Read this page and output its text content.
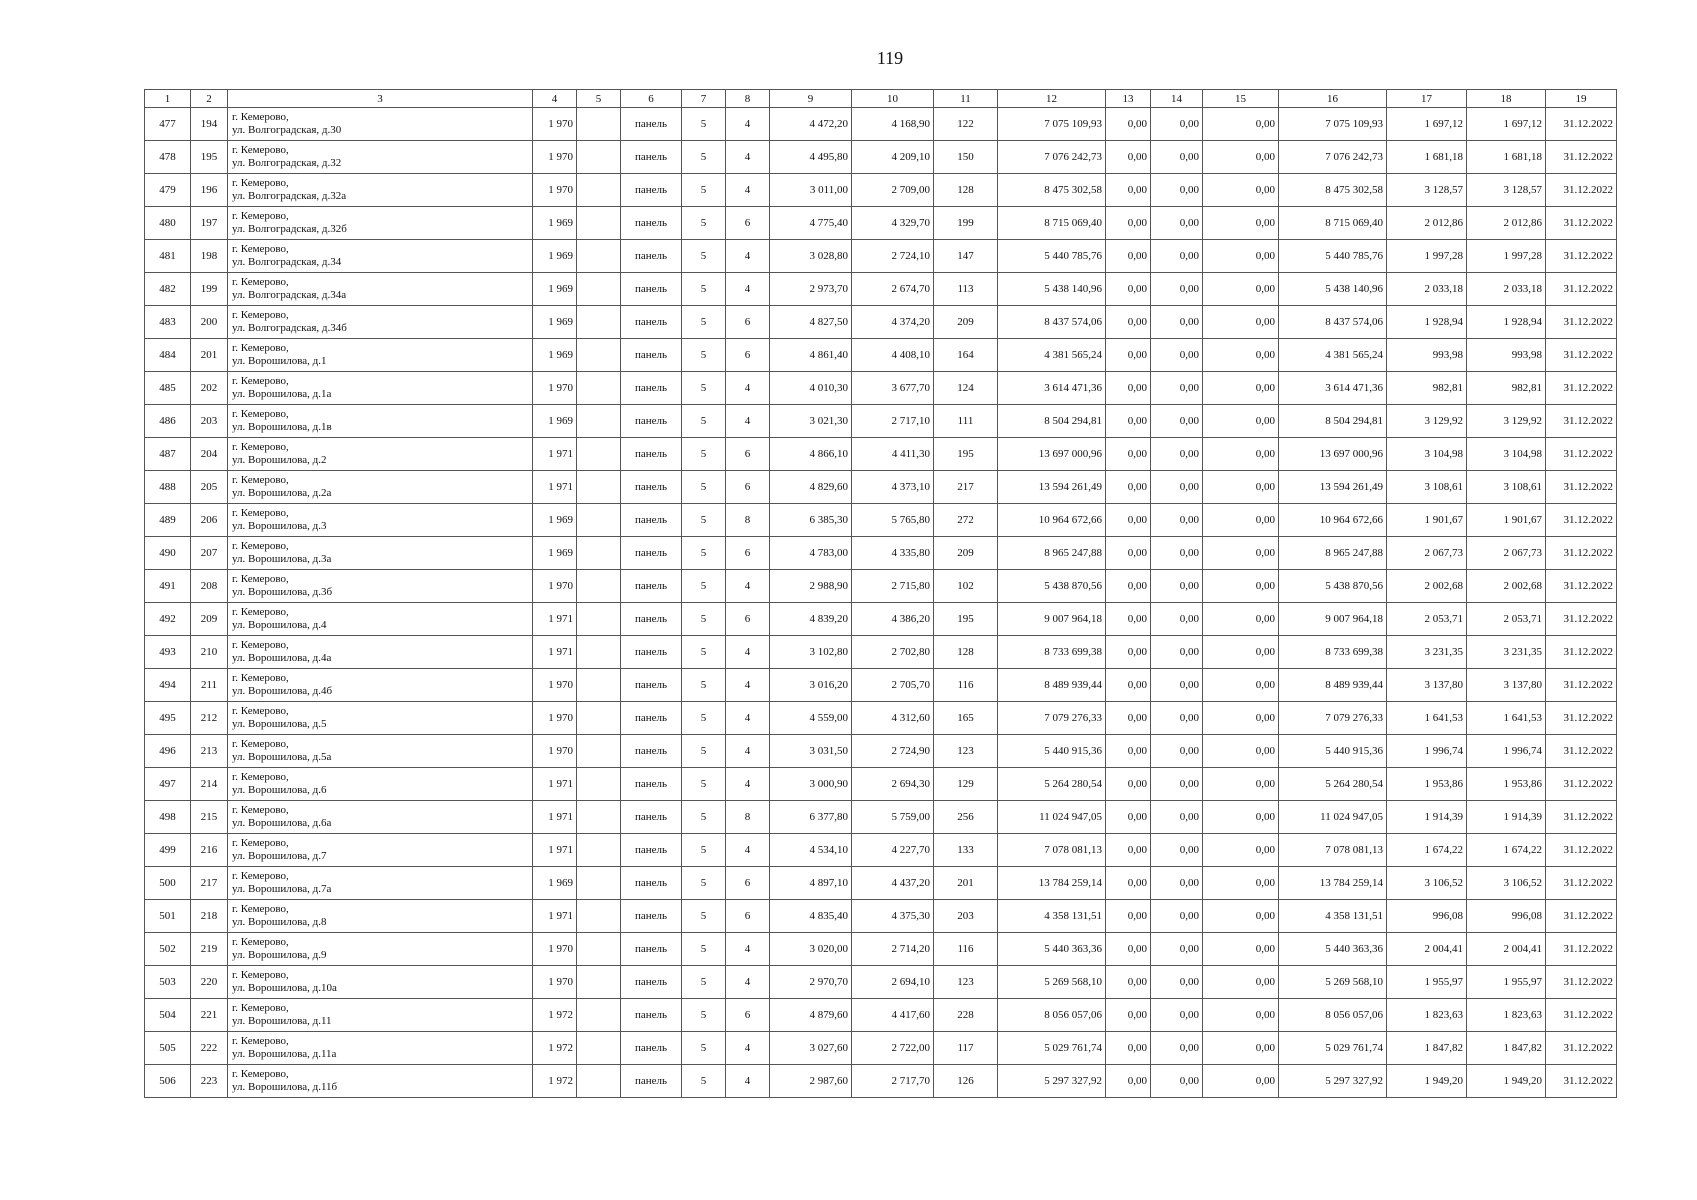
119
1	2	3	4	5	6	7	8	9	10	11	12	13	14	15	16	17	18	19
477	194	г. Кемерово,
ул. Волгоградская, д.30	1 970		панель	5	4	4 472,20	4 168,90	122	7 075 109,93	0,00	0,00	0,00	7 075 109,93	1 697,12	1 697,12	31.12.2022
478	195	г. Кемерово,
ул. Волгоградская, д.32	1 970		панель	5	4	4 495,80	4 209,10	150	7 076 242,73	0,00	0,00	0,00	7 076 242,73	1 681,18	1 681,18	31.12.2022
479	196	г. Кемерово,
ул. Волгоградская, д.32а	1 970		панель	5	4	3 011,00	2 709,00	128	8 475 302,58	0,00	0,00	0,00	8 475 302,58	3 128,57	3 128,57	31.12.2022
480	197	г. Кемерово,
ул. Волгоградская, д.32б	1 969		панель	5	6	4 775,40	4 329,70	199	8 715 069,40	0,00	0,00	0,00	8 715 069,40	2 012,86	2 012,86	31.12.2022
481	198	г. Кемерово,
ул. Волгоградская, д.34	1 969		панель	5	4	3 028,80	2 724,10	147	5 440 785,76	0,00	0,00	0,00	5 440 785,76	1 997,28	1 997,28	31.12.2022
482	199	г. Кемерово,
ул. Волгоградская, д.34а	1 969		панель	5	4	2 973,70	2 674,70	113	5 438 140,96	0,00	0,00	0,00	5 438 140,96	2 033,18	2 033,18	31.12.2022
483	200	г. Кемерово,
ул. Волгоградская, д.34б	1 969		панель	5	6	4 827,50	4 374,20	209	8 437 574,06	0,00	0,00	0,00	8 437 574,06	1 928,94	1 928,94	31.12.2022
484	201	г. Кемерово,
ул. Ворошилова, д.1	1 969		панель	5	6	4 861,40	4 408,10	164	4 381 565,24	0,00	0,00	0,00	4 381 565,24	993,98	993,98	31.12.2022
485	202	г. Кемерово,
ул. Ворошилова, д.1а	1 970		панель	5	4	4 010,30	3 677,70	124	3 614 471,36	0,00	0,00	0,00	3 614 471,36	982,81	982,81	31.12.2022
486	203	г. Кемерово,
ул. Ворошилова, д.1в	1 969		панель	5	4	3 021,30	2 717,10	111	8 504 294,81	0,00	0,00	0,00	8 504 294,81	3 129,92	3 129,92	31.12.2022
487	204	г. Кемерово,
ул. Ворошилова, д.2	1 971		панель	5	6	4 866,10	4 411,30	195	13 697 000,96	0,00	0,00	0,00	13 697 000,96	3 104,98	3 104,98	31.12.2022
488	205	г. Кемерово,
ул. Ворошилова, д.2а	1 971		панель	5	6	4 829,60	4 373,10	217	13 594 261,49	0,00	0,00	0,00	13 594 261,49	3 108,61	3 108,61	31.12.2022
489	206	г. Кемерово,
ул. Ворошилова, д.3	1 969		панель	5	8	6 385,30	5 765,80	272	10 964 672,66	0,00	0,00	0,00	10 964 672,66	1 901,67	1 901,67	31.12.2022
490	207	г. Кемерово,
ул. Ворошилова, д.3а	1 969		панель	5	6	4 783,00	4 335,80	209	8 965 247,88	0,00	0,00	0,00	8 965 247,88	2 067,73	2 067,73	31.12.2022
491	208	г. Кемерово,
ул. Ворошилова, д.3б	1 970		панель	5	4	2 988,90	2 715,80	102	5 438 870,56	0,00	0,00	0,00	5 438 870,56	2 002,68	2 002,68	31.12.2022
492	209	г. Кемерово,
ул. Ворошилова, д.4	1 971		панель	5	6	4 839,20	4 386,20	195	9 007 964,18	0,00	0,00	0,00	9 007 964,18	2 053,71	2 053,71	31.12.2022
493	210	г. Кемерово,
ул. Ворошилова, д.4а	1 971		панель	5	4	3 102,80	2 702,80	128	8 733 699,38	0,00	0,00	0,00	8 733 699,38	3 231,35	3 231,35	31.12.2022
494	211	г. Кемерово,
ул. Ворошилова, д.4б	1 970		панель	5	4	3 016,20	2 705,70	116	8 489 939,44	0,00	0,00	0,00	8 489 939,44	3 137,80	3 137,80	31.12.2022
495	212	г. Кемерово,
ул. Ворошилова, д.5	1 970		панель	5	4	4 559,00	4 312,60	165	7 079 276,33	0,00	0,00	0,00	7 079 276,33	1 641,53	1 641,53	31.12.2022
496	213	г. Кемерово,
ул. Ворошилова, д.5а	1 970		панель	5	4	3 031,50	2 724,90	123	5 440 915,36	0,00	0,00	0,00	5 440 915,36	1 996,74	1 996,74	31.12.2022
497	214	г. Кемерово,
ул. Ворошилова, д.6	1 971		панель	5	4	3 000,90	2 694,30	129	5 264 280,54	0,00	0,00	0,00	5 264 280,54	1 953,86	1 953,86	31.12.2022
498	215	г. Кемерово,
ул. Ворошилова, д.6а	1 971		панель	5	8	6 377,80	5 759,00	256	11 024 947,05	0,00	0,00	0,00	11 024 947,05	1 914,39	1 914,39	31.12.2022
499	216	г. Кемерово,
ул. Ворошилова, д.7	1 971		панель	5	4	4 534,10	4 227,70	133	7 078 081,13	0,00	0,00	0,00	7 078 081,13	1 674,22	1 674,22	31.12.2022
500	217	г. Кемерово,
ул. Ворошилова, д.7а	1 969		панель	5	6	4 897,10	4 437,20	201	13 784 259,14	0,00	0,00	0,00	13 784 259,14	3 106,52	3 106,52	31.12.2022
501	218	г. Кемерово,
ул. Ворошилова, д.8	1 971		панель	5	6	4 835,40	4 375,30	203	4 358 131,51	0,00	0,00	0,00	4 358 131,51	996,08	996,08	31.12.2022
502	219	г. Кемерово,
ул. Ворошилова, д.9	1 970		панель	5	4	3 020,00	2 714,20	116	5 440 363,36	0,00	0,00	0,00	5 440 363,36	2 004,41	2 004,41	31.12.2022
503	220	г. Кемерово,
ул. Ворошилова, д.10а	1 970		панель	5	4	2 970,70	2 694,10	123	5 269 568,10	0,00	0,00	0,00	5 269 568,10	1 955,97	1 955,97	31.12.2022
504	221	г. Кемерово,
ул. Ворошилова, д.11	1 972		панель	5	6	4 879,60	4 417,60	228	8 056 057,06	0,00	0,00	0,00	8 056 057,06	1 823,63	1 823,63	31.12.2022
505	222	г. Кемерово,
ул. Ворошилова, д.11а	1 972		панель	5	4	3 027,60	2 722,00	117	5 029 761,74	0,00	0,00	0,00	5 029 761,74	1 847,82	1 847,82	31.12.2022
506	223	г. Кемерово,
ул. Ворошилова, д.11б	1 972		панель	5	4	2 987,60	2 717,70	126	5 297 327,92	0,00	0,00	0,00	5 297 327,92	1 949,20	1 949,20	31.12.2022
